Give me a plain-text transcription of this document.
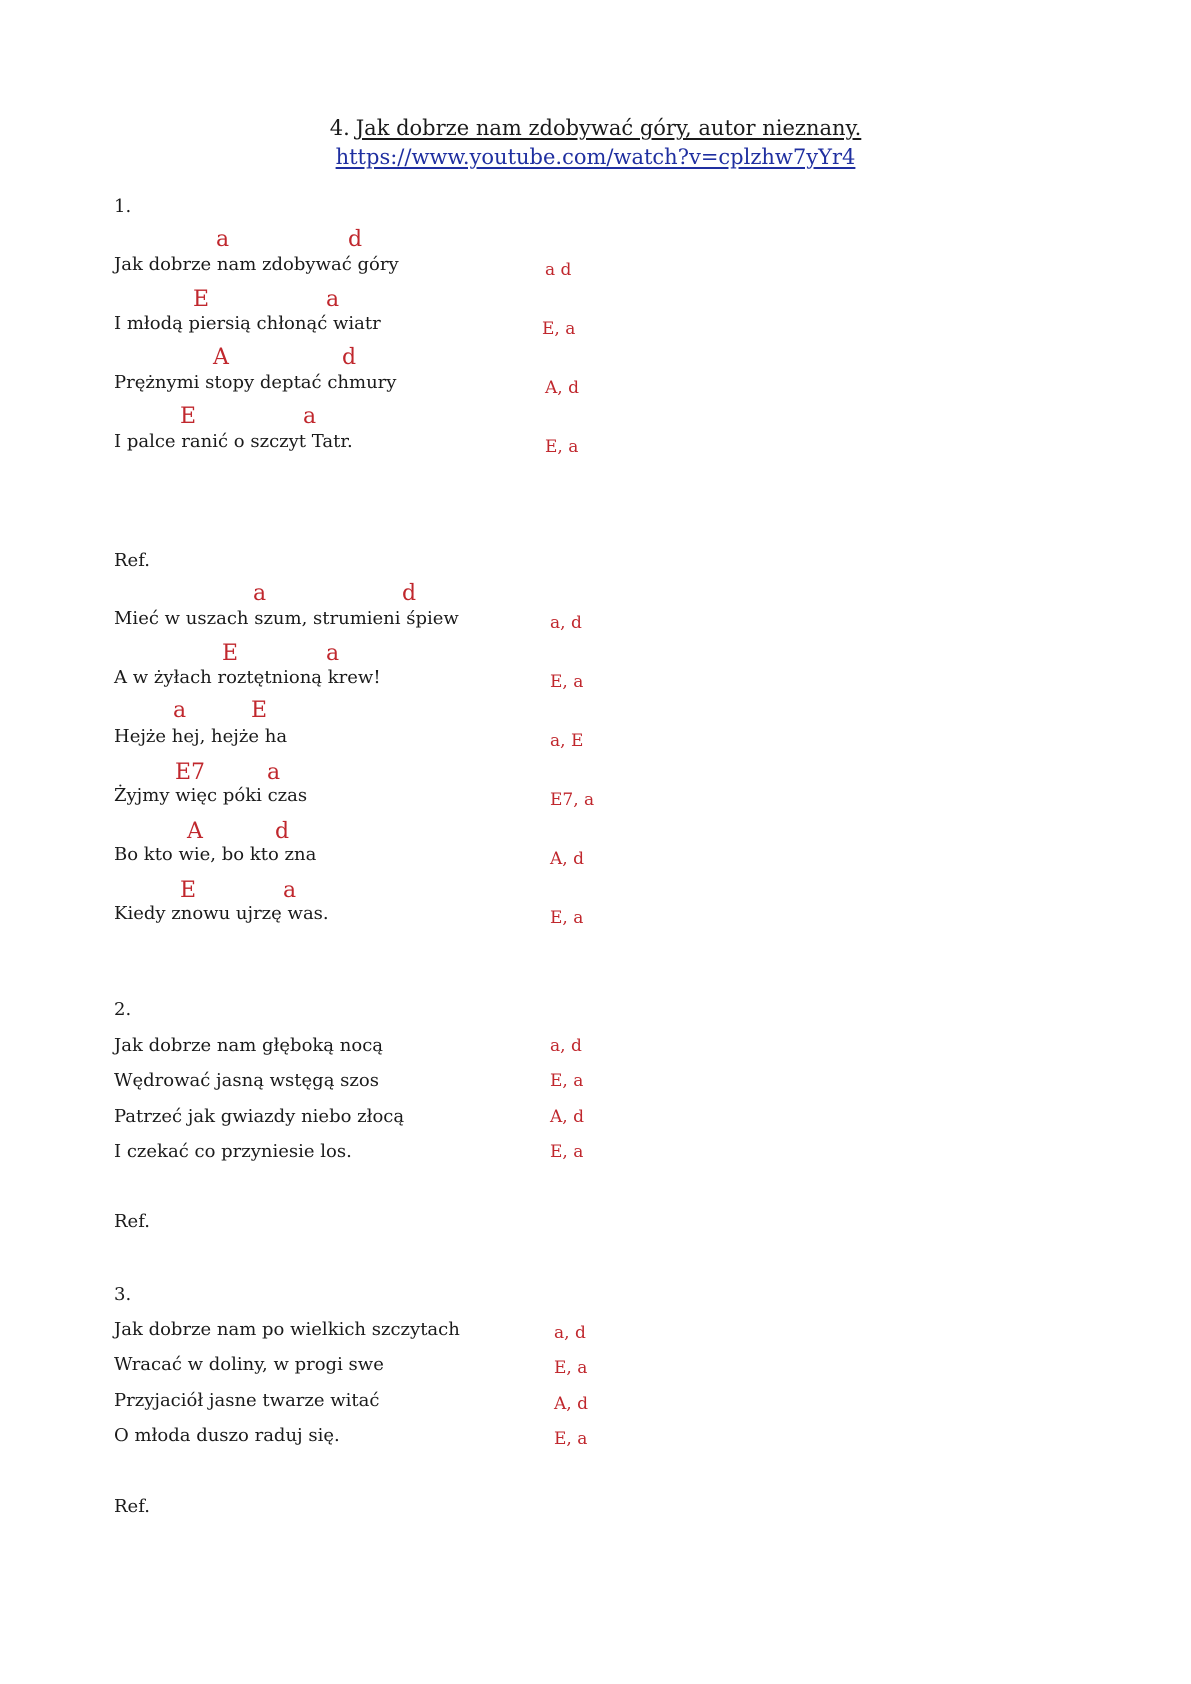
4. Jak dobrze nam zdobywać góry, autor nieznany.
https://www.youtube.com/watch?v=cplzhw7yYr4
1.
a	d
Jak dobrze nam zdobywać góry	a d
E	a
I młodą piersią chłonąć wiatr	E, a
A	d
Prężnymi stopy deptać chmury	A, d
E	a
I palce ranić o szczyt Tatr.	E, a
Ref.
a	d
Mieć w uszach szum, strumieni śpiew	a, d
E	a
A w żyłach roztętnioną krew!	E, a
a	E
Hejże hej, hejże ha	a, E
E7	a
Żyjmy więc póki czas	E7, a
A	d
Bo kto wie, bo kto zna	A, d
E	a
Kiedy znowu ujrzę was.	E, a
2.
Jak dobrze nam głęboką nocą	a, d
Wędrować jasną wstęgą szos	E, a
Patrzeć jak gwiazdy niebo złocą	A, d
I czekać co przyniesie los.	E, a
Ref.
3.
Jak dobrze nam po wielkich szczytach	a, d
Wracać w doliny, w progi swe	E, a
Przyjaciół jasne twarze witać	A, d
O młoda duszo raduj się.	E, a
Ref.
